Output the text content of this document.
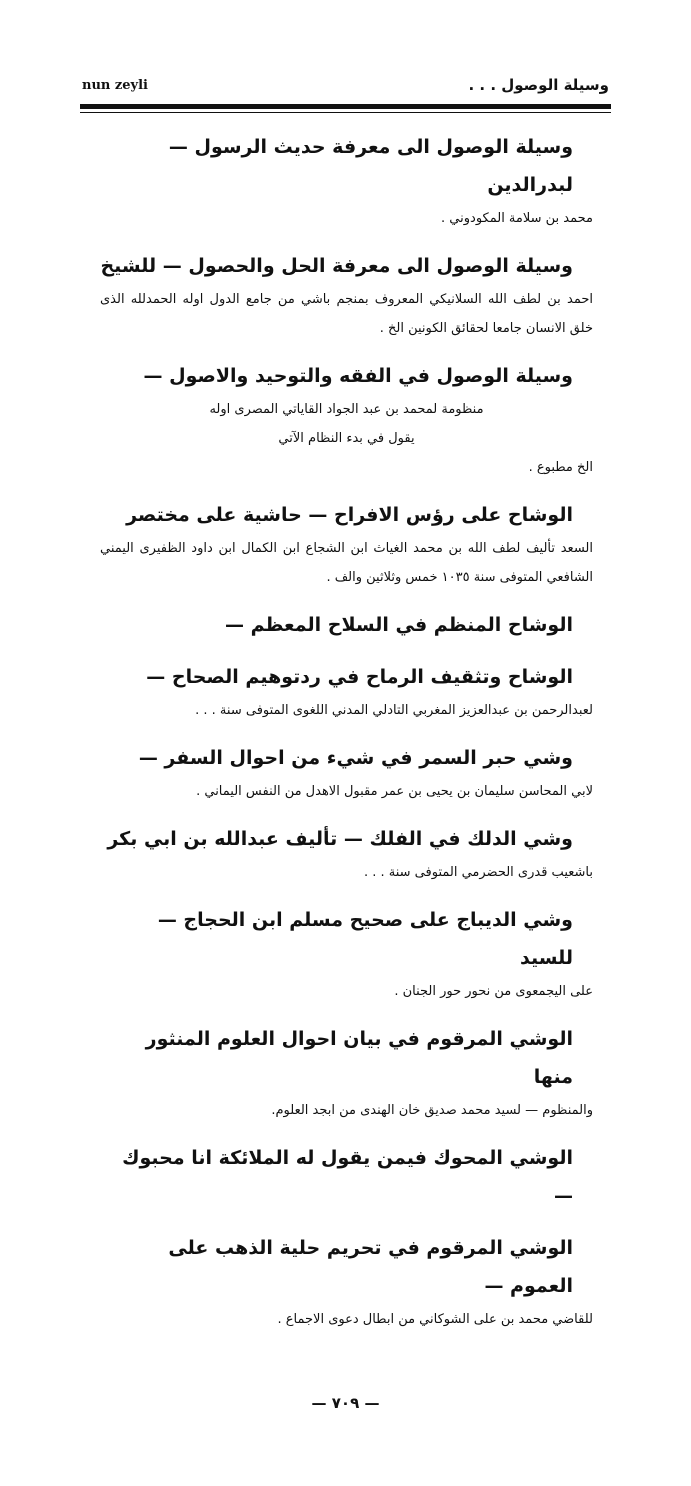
nun zeyli	وسيلة الوصول . . .

وسيلة الوصول الى معرفة حديث الرسول — لبدرالدين

محمد بن سلامة المكودوني .

وسيلة الوصول الى معرفة الحل والحصول — للشيخ

احمد بن لطف الله السلانيكي المعروف بمنجم باشي من جامع الدول اوله الحمدلله الذى خلق الانسان جامعا لحقائق الكونين الخ .

وسيلة الوصول في الفقه والتوحيد والاصول —

منظومة لمحمد بن عبد الجواد القاياتي المصرى اوله

يقول في بدء النظام الآتي

الخ مطبوع .

الوشاح على رؤس الافراح — حاشية على مختصر

السعد تأليف لطف الله بن محمد الغياث ابن الشجاع ابن الكمال ابن داود الظفيرى اليمني الشافعي المتوفى سنة ١٠٣٥ خمس وثلاثين والف .

الوشاح المنظم في السلاح المعظم —

الوشاح وتثقيف الرماح في ردتوهيم الصحاح —

لعبدالرحمن بن عبدالعزيز المغربي التادلي المدني اللغوى المتوفى سنة . . .

وشي حبر السمر في شيء من احوال السفر —

لابي المحاسن سليمان بن يحيى بن عمر مقبول الاهدل من النفس اليماني .

وشي الدلك في الفلك — تأليف عبدالله بن ابي بكر

باشعيب قدرى الحضرمي المتوفى سنة . . .

وشي الديباج على صحيح مسلم ابن الحجاج — للسيد

على اليجمعوى من نحور حور الجنان .

الوشي المرقوم في بيان احوال العلوم المنثور منها

والمنظوم — لسيد محمد صديق خان الهندى من ابجد العلوم.

الوشي المحوك فيمن يقول له الملائكة انا محبوك —

الوشي المرقوم في تحريم حلية الذهب على العموم —

للقاضي محمد بن على الشوكاني من ابطال دعوى الاجماع .

— ٧٠٩ —
